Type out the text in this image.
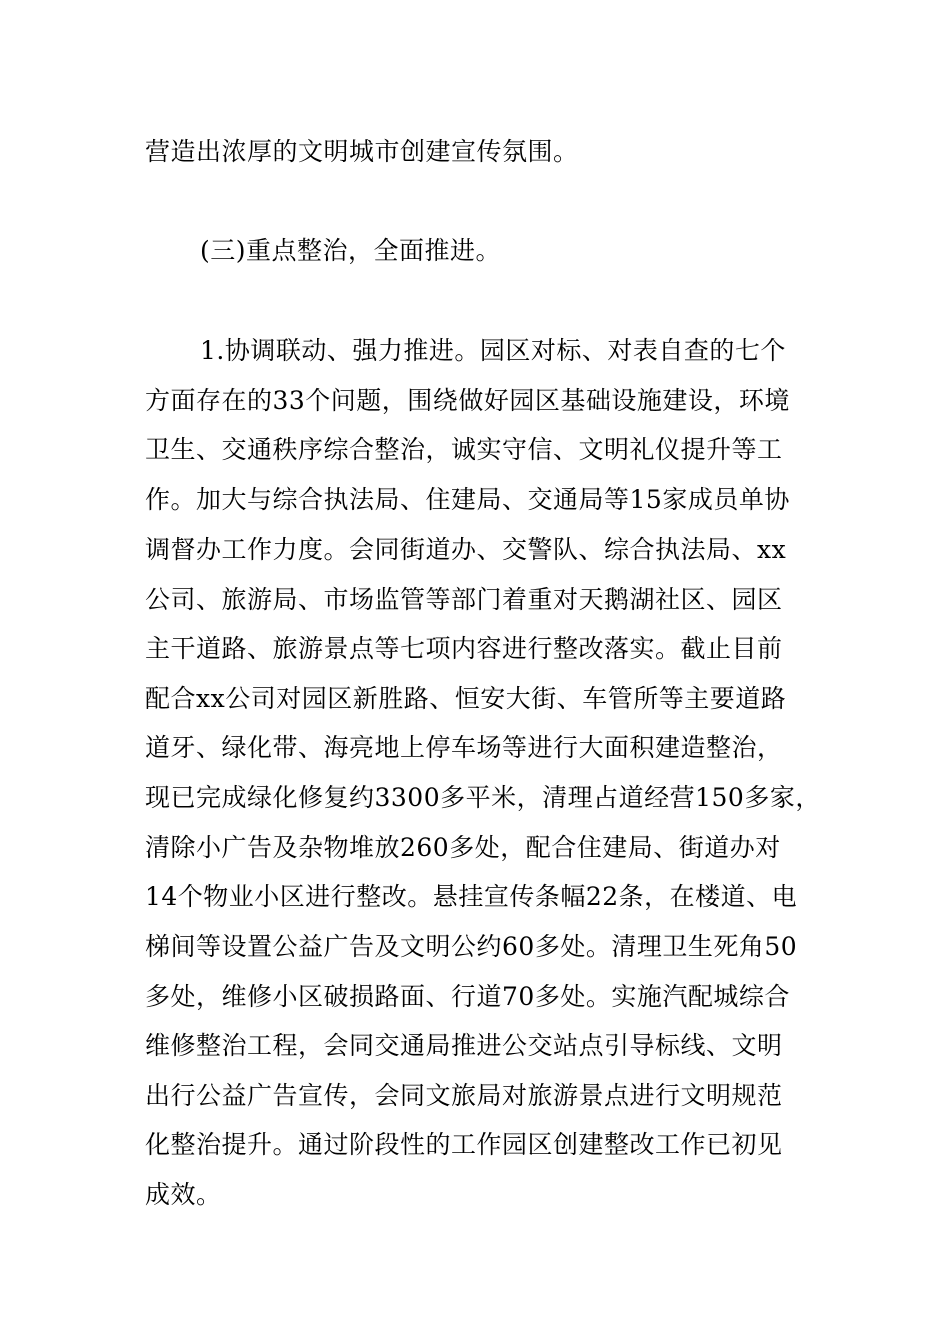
营造出浓厚的文明城市创建宣传氛围。
(三)重点整治，全面推进。
1.协调联动、强力推进。园区对标、对表自查的七个
方面存在的33个问题，围绕做好园区基础设施建设，环境
卫生、交通秩序综合整治，诚实守信、文明礼仪提升等工
作。加大与综合执法局、住建局、交通局等15家成员单协
调督办工作力度。会同街道办、交警队、综合执法局、xx
公司、旅游局、市场监管等部门着重对天鹅湖社区、园区
主干道路、旅游景点等七项内容进行整改落实。截止目前
配合xx公司对园区新胜路、恒安大街、车管所等主要道路
道牙、绿化带、海亮地上停车场等进行大面积建造整治，
现已完成绿化修复约3300多平米，清理占道经营150多家，
清除小广告及杂物堆放260多处，配合住建局、街道办对
14个物业小区进行整改。悬挂宣传条幅22条，在楼道、电
梯间等设置公益广告及文明公约60多处。清理卫生死角50
多处，维修小区破损路面、行道70多处。实施汽配城综合
维修整治工程，会同交通局推进公交站点引导标线、文明
出行公益广告宣传，会同文旅局对旅游景点进行文明规范
化整治提升。通过阶段性的工作园区创建整改工作已初见
成效。
